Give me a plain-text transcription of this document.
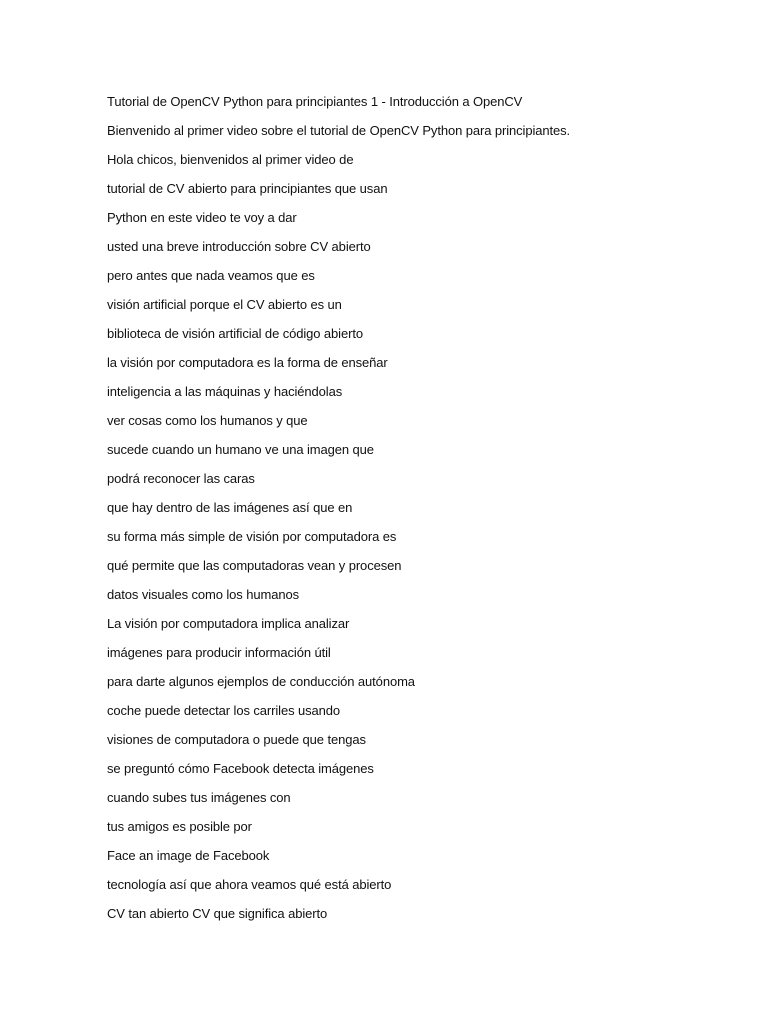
Tutorial de OpenCV Python para principiantes 1 - Introducción a OpenCV
Bienvenido al primer video sobre el tutorial de OpenCV Python para principiantes.
Hola chicos, bienvenidos al primer video de
tutorial de CV abierto para principiantes que usan
Python en este video te voy a dar
usted una breve introducción sobre CV abierto
pero antes que nada veamos que es
visión artificial porque el CV abierto es un
biblioteca de visión artificial de código abierto
la visión por computadora es la forma de enseñar
inteligencia a las máquinas y haciéndolas
ver cosas como los humanos y que
sucede cuando un humano ve una imagen que
podrá reconocer las caras
que hay dentro de las imágenes así que en
su forma más simple de visión por computadora es
qué permite que las computadoras vean y procesen
datos visuales como los humanos
La visión por computadora implica analizar
imágenes para producir información útil
para darte algunos ejemplos de conducción autónoma
coche puede detectar los carriles usando
visiones de computadora o puede que tengas
se preguntó cómo Facebook detecta imágenes
cuando subes tus imágenes con
tus amigos es posible por
Face an image de Facebook
tecnología así que ahora veamos qué está abierto
CV tan abierto CV que significa abierto
